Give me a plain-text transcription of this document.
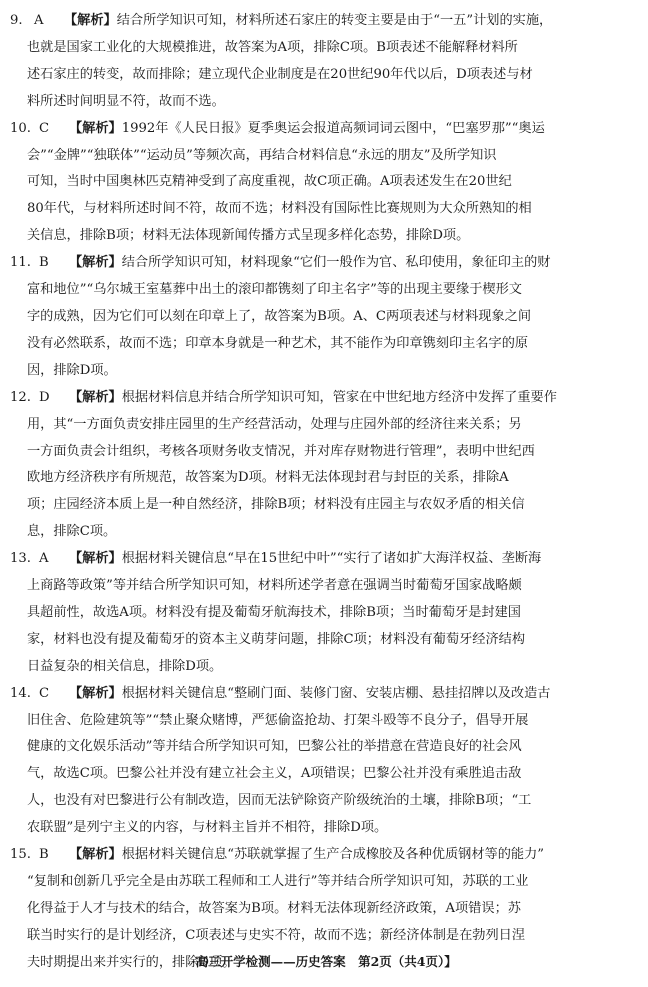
9. A 【解析】结合所学知识可知，材料所述石家庄的转变主要是由于“一五”计划的实施，

也就是国家工业化的大规模推进，故答案为A项，排除C项。B项表述不能解释材料所

述石家庄的转变，故而排除；建立现代企业制度是在20世纪90年代以后，D项表述与材

料所述时间明显不符，故而不选。

10. C 【解析】1992年《人民日报》夏季奥运会报道高频词词云图中，“巴塞罗那”“奥运

会”“金牌”“独联体”“运动员”等频次高，再结合材料信息“永远的朋友”及所学知识

可知，当时中国奥林匹克精神受到了高度重视，故C项正确。A项表述发生在20世纪

80年代，与材料所述时间不符，故而不选；材料没有国际性比赛规则为大众所熟知的相

关信息，排除B项；材料无法体现新闻传播方式呈现多样化态势，排除D项。

11. B 【解析】结合所学知识可知，材料现象“它们一般作为官、私印使用，象征印主的财

富和地位”“乌尔城王室墓葬中出土的滚印都镌刻了印主名字”等的出现主要缘于楔形文

字的成熟，因为它们可以刻在印章上了，故答案为B项。A、C两项表述与材料现象之间

没有必然联系，故而不选；印章本身就是一种艺术，其不能作为印章镌刻印主名字的原

因，排除D项。

12. D 【解析】根据材料信息并结合所学知识可知，管家在中世纪地方经济中发挥了重要作

用，其“一方面负责安排庄园里的生产经营活动，处理与庄园外部的经济往来关系；另

一方面负责会计组织，考核各项财务收支情况，并对库存财物进行管理”，表明中世纪西

欧地方经济秩序有所规范，故答案为D项。材料无法体现封君与封臣的关系，排除A

项；庄园经济本质上是一种自然经济，排除B项；材料没有庄园主与农奴矛盾的相关信

息，排除C项。

13. A 【解析】根据材料关键信息“早在15世纪中叶”“实行了诸如扩大海洋权益、垄断海

上商路等政策”等并结合所学知识可知，材料所述学者意在强调当时葡萄牙国家战略颇

具超前性，故选A项。材料没有提及葡萄牙航海技术，排除B项；当时葡萄牙是封建国

家，材料也没有提及葡萄牙的资本主义萌芽问题，排除C项；材料没有葡萄牙经济结构

日益复杂的相关信息，排除D项。

14. C 【解析】根据材料关键信息“整刷门面、装修门窗、安装店棚、悬挂招牌以及改造古

旧住舍、危险建筑等”“禁止聚众赌博，严惩偷盗抢劫、打架斗殴等不良分子，倡导开展

健康的文化娱乐活动”等并结合所学知识可知，巴黎公社的举措意在营造良好的社会风

气，故选C项。巴黎公社并没有建立社会主义，A项错误；巴黎公社并没有乘胜追击敌

人，也没有对巴黎进行公有制改造，因而无法铲除资产阶级统治的土壤，排除B项；“工

农联盟”是列宁主义的内容，与材料主旨并不相符，排除D项。

15. B 【解析】根据材料关键信息“苏联就掌握了生产合成橡胶及各种优质钢材等的能力”

“复制和创新几乎完全是由苏联工程师和工人进行”等并结合所学知识可知，苏联的工业

化得益于人才与技术的结合，故答案为B项。材料无法体现新经济政策，A项错误；苏

联当时实行的是计划经济，C项表述与史实不符，故而不选；新经济体制是在勃列日涅

夫时期提出来并实行的，排除D项。

·高三开学检测——历史答案　第2页（共4页）】
